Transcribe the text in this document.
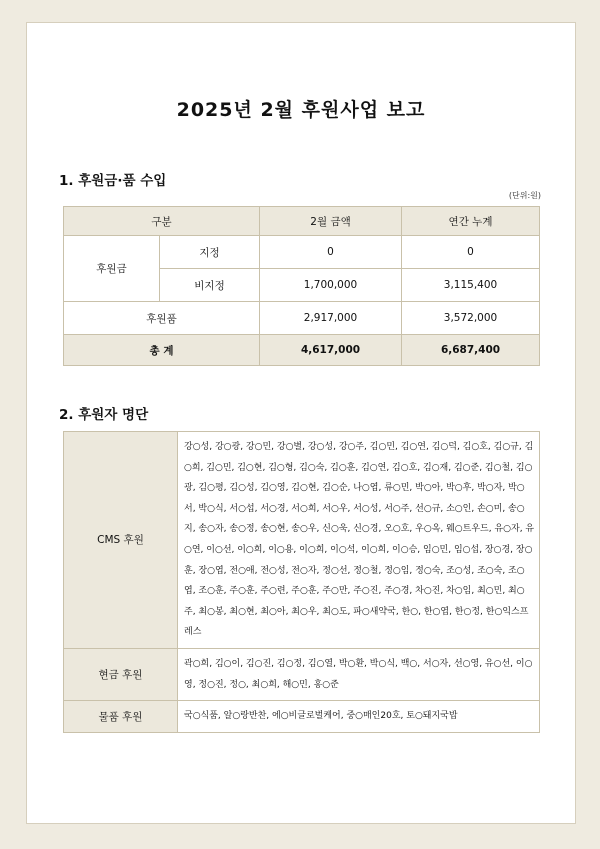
2025년 2월 후원사업 보고
1. 후원금·품 수입
(단위:원)
구분		2월 금액	연간 누계
후원금	지정	0	0
	비지정	1,700,000	3,115,400
후원품		2,917,000	3,572,000
총 계		4,617,000	6,687,400
2. 후원자 명단
CMS 후원	강○성, 강○광, 강○민, 강○별, 강○성, 강○주, 김○민, 김○연, 김○덕, 김○호, 김○규, 김○희, 김○민, 김○현, 김○형, 김○숙, 김○훈, 김○연, 김○호, 김○재, 김○준, 김○철, 김○광, 김○평, 김○성, 김○영, 김○현, 김○순, 나○엽, 류○민, 박○아, 박○후, 박○자, 박○서, 박○식, 서○섭, 서○경, 서○희, 서○우, 서○성, 서○주, 선○규, 소○인, 손○미, 송○지, 송○자, 송○정, 송○현, 송○우, 신○욱, 신○경, 오○호, 우○옥, 웨○트우드, 유○자, 유○연, 이○선, 이○희, 이○용, 이○희, 이○석, 이○희, 이○승, 임○민, 임○섭, 장○경, 장○훈, 장○엽, 전○애, 전○성, 전○자, 정○선, 정○철, 정○임, 정○숙, 조○성, 조○숙, 조○엽, 조○훈, 주○훈, 주○련, 주○훈, 주○만, 주○진, 주○경, 차○진, 차○임, 최○민, 최○주, 최○봉, 최○현, 최○아, 최○우, 최○도, 파○새약국, 한○, 한○엽, 한○정, 한○익스프레스
현금 후원	곽○희, 김○이, 김○진, 김○정, 김○열, 박○환, 박○식, 백○, 서○자, 선○영, 유○선, 이○영, 정○진, 정○, 최○희, 해○민, 홍○준
물품 후원	국○식품, 알○랑반찬, 에○비글로벌케어, 중○매인20호, 토○돼지국밥
